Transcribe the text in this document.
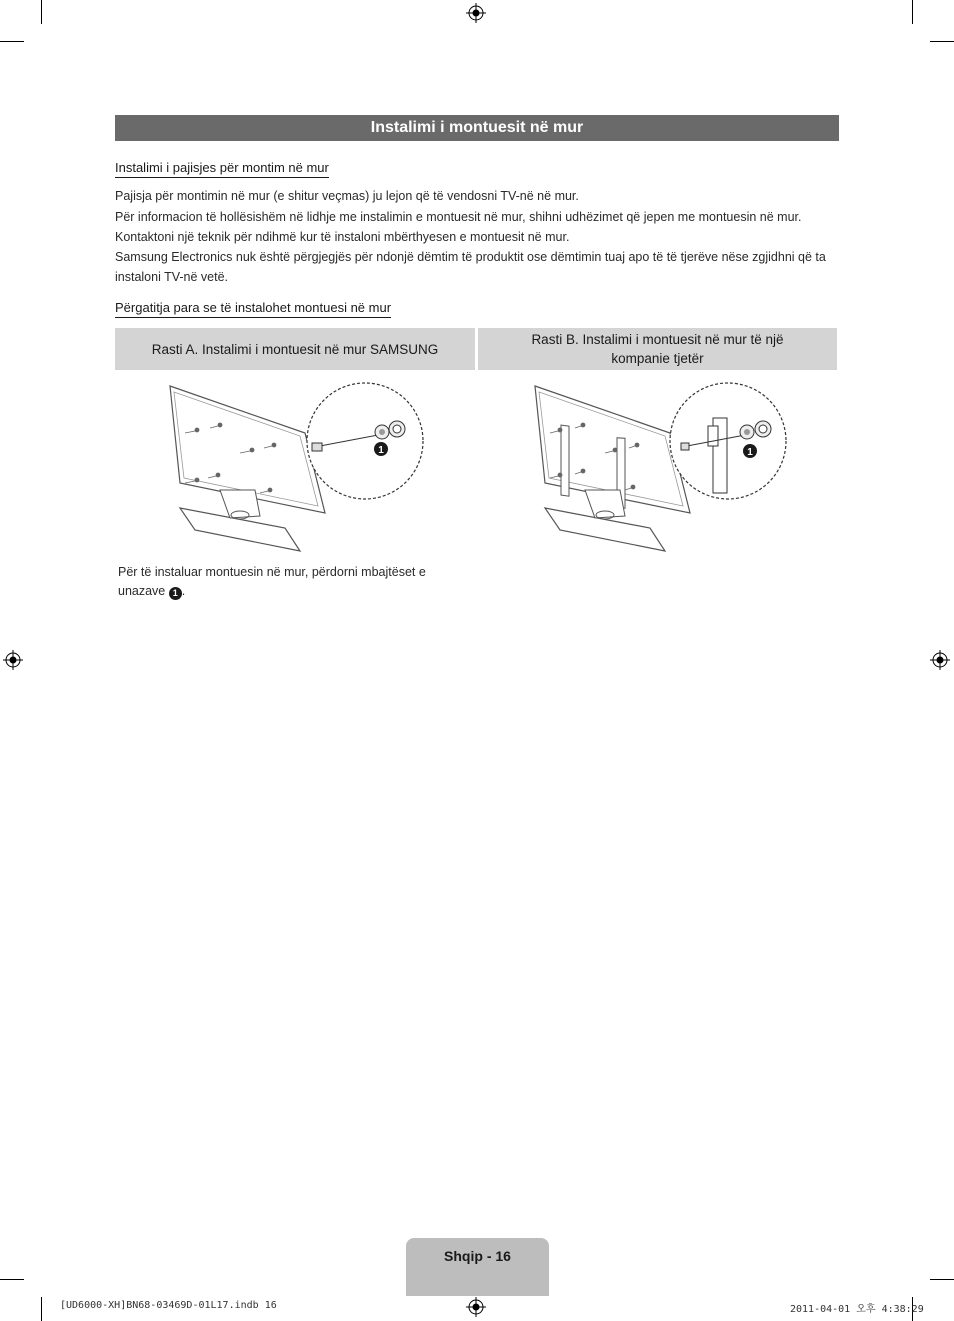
Instalimi i montuesit në mur
Instalimi i pajisjes për montim në mur
Pajisja për montimin në mur (e shitur veçmas) ju lejon që të vendosni TV-në në mur.
Për informacion të hollësishëm në lidhje me instalimin e montuesit në mur, shihni udhëzimet që jepen me montuesin në mur. Kontaktoni një teknik për ndihmë kur të instaloni mbërthyesen e montuesit në mur.
Samsung Electronics nuk është përgjegjës për ndonjë dëmtim të produktit ose dëmtimin tuaj apo të të tjerëve nëse zgjidhni që ta instaloni TV-në vetë.
Përgatitja para se të instalohet montuesi në mur
Rasti A. Instalimi i montuesit në mur SAMSUNG
Rasti B. Instalimi i montuesit në mur të një kompanie tjetër
1	1
Për të instaluar montuesin në mur, përdorni mbajtëset e unazave 1 .
Shqip - 16
[UD6000-XH]BN68-03469D-01L17.indb 16	2011-04-01 오후 4:38:29
